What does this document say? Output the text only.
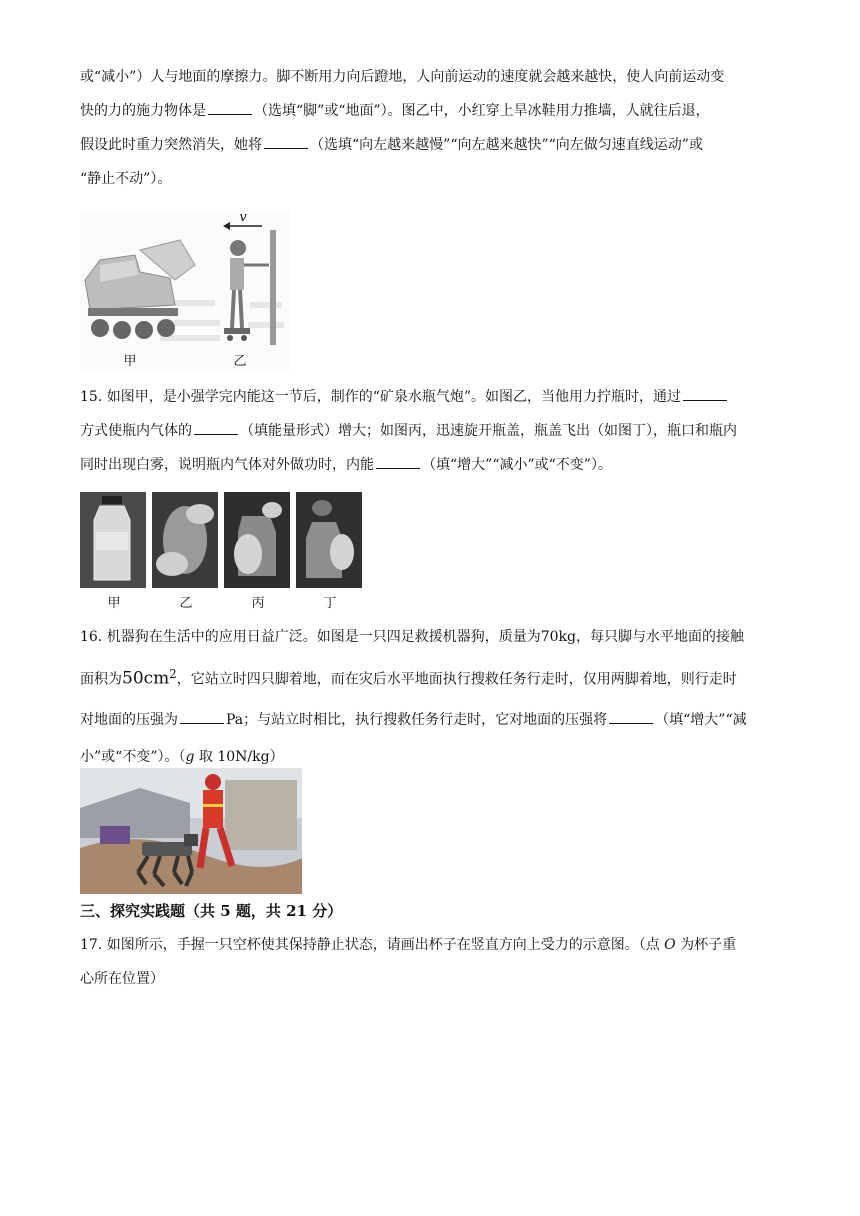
或“减小”）人与地面的摩擦力。脚不断用力向后蹬地，人向前运动的速度就会越来越快，使人向前运动变
快的力的施力物体是	（选填“脚”或“地面”）。图乙中，小红穿上旱冰鞋用力推墙，人就往后退，
假设此时重力突然消失，她将	（选填“向左越来越慢”“向左越来越快”“向左做匀速直线运动”或
“静止不动”）。
甲	乙
v
15. 如图甲，是小强学完内能这一节后，制作的“矿泉水瓶气炮”。如图乙，当他用力拧瓶时，通过
方式使瓶内气体的	（填能量形式）增大；如图丙，迅速旋开瓶盖，瓶盖飞出（如图丁），瓶口和瓶内
同时出现白雾，说明瓶内气体对外做功时，内能	（填“增大”“减小”或“不变”）。
甲	乙	丙	丁
16. 机器狗在生活中的应用日益广泛。如图是一只四足救援机器狗，质量为70kg，每只脚与水平地面的接触
面积为$50cm^2$，它站立时四只脚着地，而在灾后水平地面执行搜救任务行走时，仅用两脚着地，则行走时
对地面的压强为	Pa；与站立时相比，执行搜救任务行走时，它对地面的压强将	（填“增大”“减
小”或“不变”）。（g 取 10N/kg）
三、探究实践题（共 5 题，共 21 分）
17. 如图所示，手握一只空杯使其保持静止状态，请画出杯子在竖直方向上受力的示意图。（点 O 为杯子重
心所在位置）
